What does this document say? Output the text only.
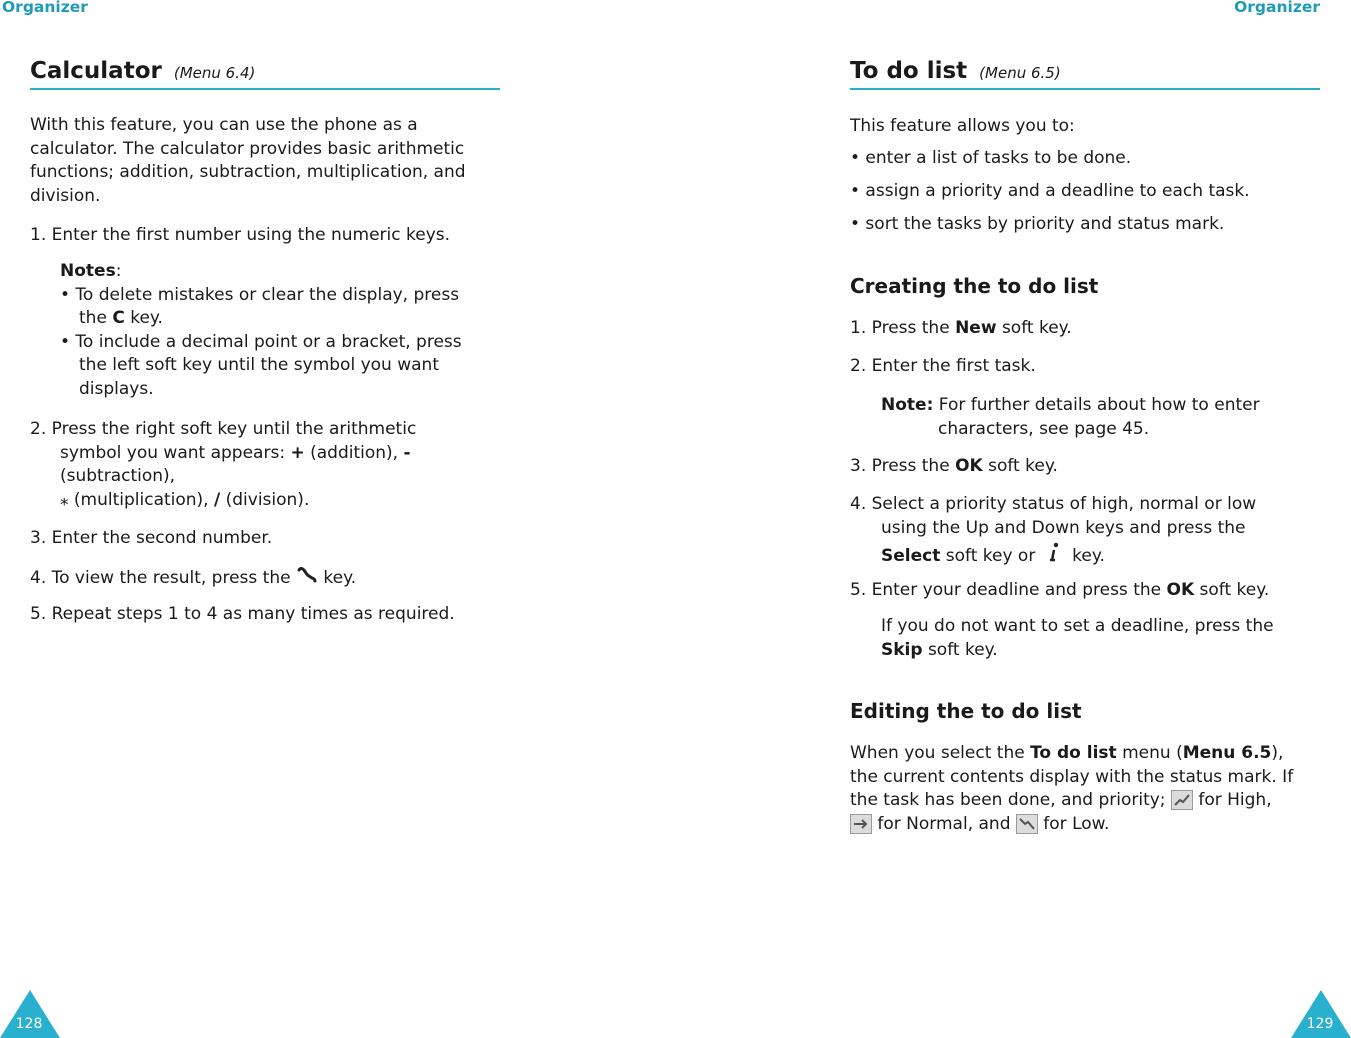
Organizer
Calculator (Menu 6.4)
With this feature, you can use the phone as a
calculator. The calculator provides basic arithmetic
functions; addition, subtraction, multiplication, and
division.
1. Enter the first number using the numeric keys.
Notes:
• To delete mistakes or clear the display, press
the C key.
• To include a decimal point or a bracket, press
the left soft key until the symbol you want
displays.
2. Press the right soft key until the arithmetic
symbol you want appears: + (addition), -
(subtraction),
⁎ (multiplication), / (division).
3. Enter the second number.
4. To view the result, press the  key.
5. Repeat steps 1 to 4 as many times as required.
128
Organizer
To do list (Menu 6.5)
This feature allows you to:
• enter a list of tasks to be done.
• assign a priority and a deadline to each task.
• sort the tasks by priority and status mark.
Creating the to do list
1. Press the New soft key.
2. Enter the first task.
Note: For further details about how to enter
characters, see page 45.
3. Press the OK soft key.
4. Select a priority status of high, normal or low
using the Up and Down keys and press the
Select soft key or  key.
5. Enter your deadline and press the OK soft key.
If you do not want to set a deadline, press the
Skip soft key.
Editing the to do list
When you select the To do list menu (Menu 6.5),
the current contents display with the status mark. If
the task has been done, and priority;
for High,
for Normal, and
for Low.
129
